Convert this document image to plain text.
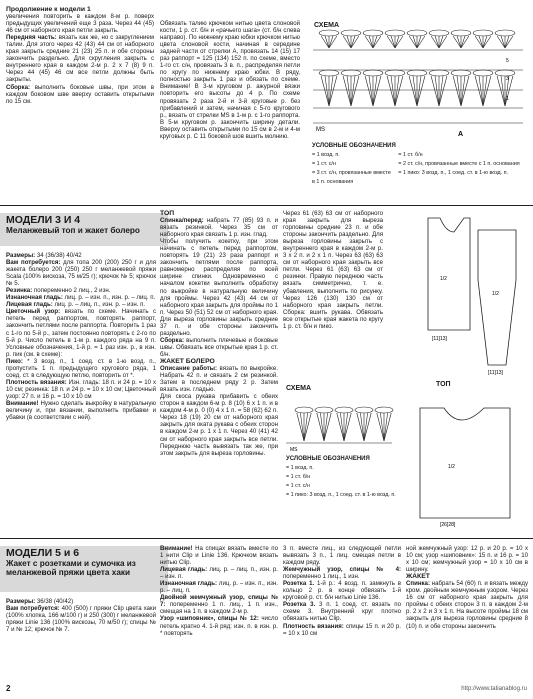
Продолжение к модели 1

увеличения повторить в каждом 8-м р. поверх предыдущих увеличений еще 3 раза. Через 44 (45) 46 см от наборного края петли закрыть.

Передняя часть: вязать как же, но с закруглением талии. Для этого через 42 (43) 44 см от наборного края закрыть средние 21 (23) 25 п. и обе стороны закончить раздельно. Для скругления закрыть с внутреннего края в каждом 2-м р. 2 х 7 (8) 9 п. Через 44 (45) 46 см все петли должны быть закрыты.

Сборка: выполнить боковые швы, при этом в каждом боковом шве вверху оставить открытыми по 15 см.

Обвязать талию крючком нитью цвета слоновой кости, 1 р. ст. б/н и «рачьего шага» (ст. б/н слева направо). По нижнему краю юбки крючком нитью цвета слоновой кости, начиная в середине задней части от стрелки А, провязать 14 (15) 17 раз раппорт = 125 (134) 152 п. по схеме, вместо 1-го ст. с/н, провязать 3 в. п., распределяя петли по кругу по нижнему краю юбки. В ряду, полностью закрыть 1 раз и обязать по схеме. Внимание! В 3-м круговом р. ажурной вязки повторить его высоты до 4 р. По схеме провязать 2 раза 2-й и 3-й круговые р. без прибавлений и затем, начиная с 5-го кругового р., вязать от стрелки MS в 1-м р. с 1-го раппорта. В 5-м круговом р. закончить ширину детали. Вверху оставить открытыми по 15 см в 2-м и 4-м круговых р. С 11 боковой шов вшить молнию.

СХЕМА
MS
A
5
3
1
УСЛОВНЫЕ ОБОЗНАЧЕНИЯ
= 1 возд. п.	= 1 ст. б/н
= 1 ст. с/н	= 2 ст. с/н, провязанные вместе с 1 п. основания
= 3 ст. с/н, провязанные вместе в 1 п. основания
= 1 пико: 3 возд. п., 1 соед. ст. в 1-ю возд. п.
МОДЕЛИ 3 И 4
Меланжевый топ и жакет болеро

Размеры: 34 (36/38) 40/42

Вам потребуется: для топа 200 (200) 250 г и для жакета болеро 200 (250) 250 г меланжевой пряжи Scala (100% вискоза, 75 м/25 г); крючок № 5; крючок № 5.

Резинка: попеременно 2 лиц., 2 изн.

Изнаночная гладь: лиц. р. – изн. п., изн. р. – лиц. п.

Лицевая гладь: лиц. р. – лиц. п., изн. р. – изн. п.

Цветочный узор: вязать по схеме. Начинать с петель перед раппортом, повторять раппорт, закончить петлями после раппорта. Повторить 1 раз с 1-го по 5-й р., затем постоянно повторять с 2-го по 5-й р. Число петель в 1-м р. каждого ряда на 9 п. Условные обозначения, 1-й р. = 1 раз изн. р., в изн. р. пик (см. в схеме):

Пико: * 3 возд. п., 1 соед. ст. в 1-ю возд. п., пропустить 1 п. предыдущего кругового ряда, 1 соед. ст. в следующую петлю, повторить от *.

Плотность вязания: Изн. гладь: 18 п. и 24 р. = 10 х 10 см; резинка: 18 п. и 24 р. = 10 х 10 см; Цветочный узор: 27 п. и 16 р. = 10 х 10 см

Внимание! Нужно сделать выкройку в натуральную величину и, при вязании, выполнить прибавки и убавки (в соответствии с ней).

ТОП

Спинка/перед: набрать 77 (85) 93 п. и вязать резинкой. Через 35 см от наборного края связать 1 р. изн. глад.

Чтобы получить кокетку, при этом начинать с петель перед раппортом, повторять 19 (21) 23 раза раппорт и закончить петлями после раппорта, равномерно распределяя по всей ширине спинки. Одновременно с началом кокетки выполнить обработку по выкройке в натуральную величину для проймы. Через 42 (43) 44 см от наборного края закрыть для проймы по 1 п. Через 50 (51) 52 см от наборного края. Для выреза горловины закрыть средние 37 п. и обе стороны закончить раздельно.

Сборка: выполнить плечевые и боковые швы. Обвязать все открытые края 1 р. ст. б/н.

ЖАКЕТ БОЛЕРО

Описание работы: вязать по выкройке. Набрать 42 п. и связать 2 см резинкой. Затем в последнем ряду 2 р. Затем вязать изн. гладью.

Для скоса рукава прибавить с обеих сторон в каждом 6-м р. 8 (10) 6 х 1 п. и в каждом 4-м р. 0 (0) 4 х 1 п. = 58 (62) 62 п. Через 18 (19) 20 см от наборного края закрыть для оката рукава с обеих сторон в каждом 2-м р. 1 х 1 п. Через 40 (41) 42 см от наборного края закрыть все петли. Переднюю часть вывязать так же, при этом закрыть для выреза горловины.

Через 61 (63) 63 см от наборного края закрыть для выреза горловины средние 23 п. и обе стороны закончить раздельно. Для выреза горловины закрыть с внутреннего края в каждом 2-м р. 3 х 2 п. и 2 х 1 п. Через 63 (63) 63 см от наборного края закрыть все петли. Через 61 (63) 63 см от резинки. Правую переднюю часть вязать симметрично, т. е. убавления, выполнить по рисунку. Через 126 (130) 130 см от наборного края закрыть петли. Сборка: вшить рукава. Обвязать все открытые края жакета по кругу 1 р. ст. б/н и пико.

1/2
1/2
[11]13]
[11]13]
СХЕМА
MS
УСЛОВНЫЕ ОБОЗНАЧЕНИЯ
= 1 возд. п.
= 1 ст. б/н
= 1 ст. с/н
= 1 пико: 3 возд. п., 1 соед. ст. в 1-ю возд. п.
ТОП
1/2
[26]28]
МОДЕЛИ 5 и 6
Жакет с розетками и сумочка из меланжевой пряжи цвета хаки

Размеры: 36/38 (40/42)

Вам потребуется: 400 (500) г пряжи Clip цвета хаки (100% хлопка, 166 м/100 г) и 250 (300) г меланжевой пряжи Linie 136 (100% вискозы, 70 м/50 г); спицы № 7 и № 12; крючок № 7.

Внимание! На спицах вязать вместе по 1 нити Clip и Linie 136. Крючком вязать нитью Clip.

Лицевая гладь: лиц. р. – лиц. п., изн. р. – изн. п.

Изнаночная гладь: лиц. р. – изн. п., изн. р. – лиц. п.

Двойной жемчужный узор, спицы № 7: попеременно 1 п. лиц., 1 п. изн., смещая на 1 п. в каждом 2-м р.

Узор «шиповник», спицы № 12: число петель кратно 4. 1-й ряд: изн. п. в изн. р. * повторять

3 п. вместе лиц., из следующей петли вывязать 3 п., 1 лиц. смещая петли в каждом ряду.

Жемчужный узор, спицы № 4: попеременно 1 лиц., 1 изн.

Розетка 1. 1-й р.: 4 возд. п. замкнуть в кольцо 2 р. в конце обвязать 1-й круговой р. ст. б/н нитью Linie 136.

Розетка 3. 3 п. 1 соед. ст. вязать по схеме 3. Внутренний круг плотно обвязать нитью Clip.

Плотность вязания: спицы 15 п. и 20 р. = 10 х 10 см

ной жемчужный узор: 12 р. и 20 р. = 10 х 10 см; узор «шиповник»: 15 п. и 16 р. = 10 х 10 см; жемчужный узор = 10 х 10 см в ширину.

ЖАКЕТ

Спинка: набрать 54 (60) п. и вязать между кром. двойным жемчужным узором. Через 16 см от наборного края закрыть для проймы с обеих сторон 3 п. в каждом 2-м р. 2 х 2 и 3 х 1 п. На высоте проймы 18 см закрыть для выреза горловины средние 8 (10) п. и обе стороны закончить

2	http://www.tatianablog.ru
